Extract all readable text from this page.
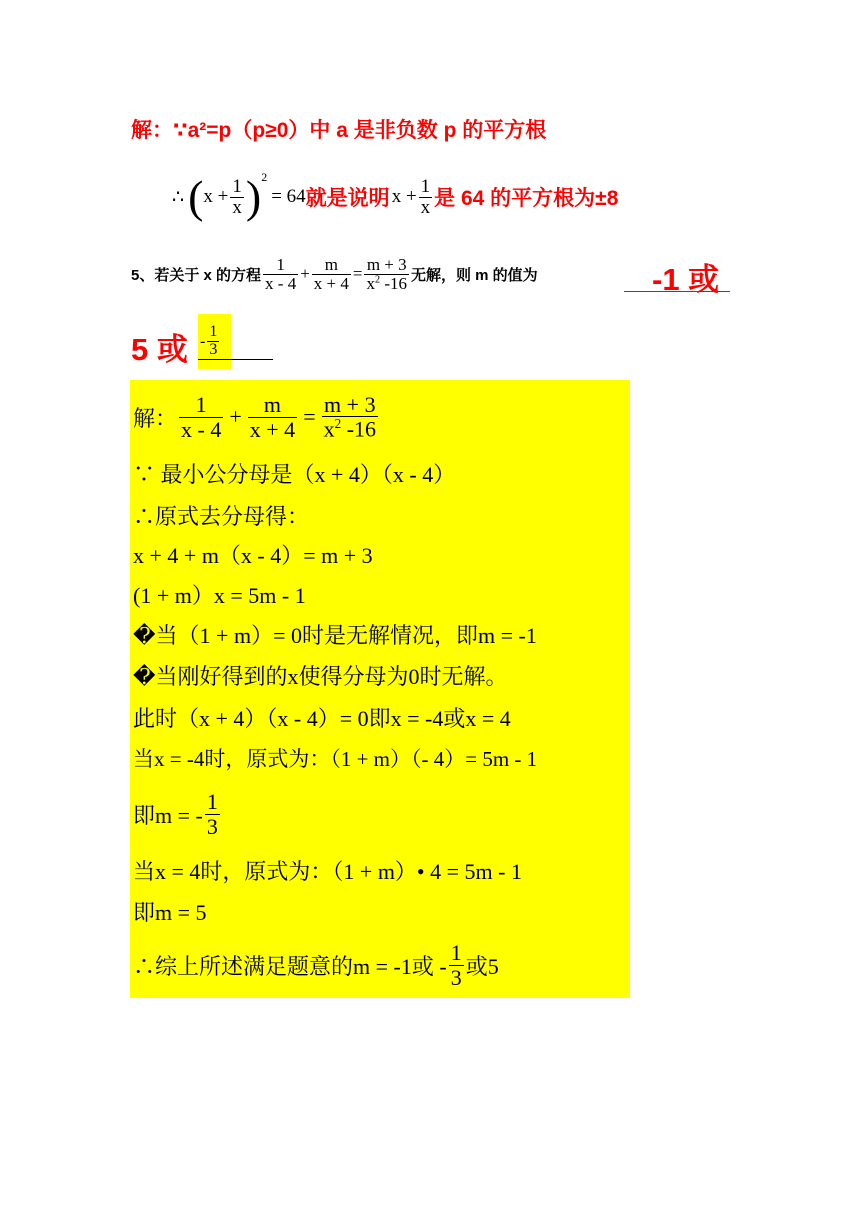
解：∵a²=p（p≥0）中 a 是非负数 p 的平方根
∴ ( $x + \frac{1}{x}$ ) 2
= 64 就是说明 $x + \frac{1}{x}$ 是 64 的平方根为±8
5、若关于 x 的方程 $\frac{1}{x - 4} + \frac{m}{x + 4} = \frac{m + 3}{x^2 -16}$ 无解，则 m 的值为	-1 或
5 或 - $\frac{1}{3}$
解： $\frac{1}{x - 4} + \frac{m}{x + 4} = \frac{m + 3}{x^2 -16}$
∵ 最小公分母是（x + 4）（x - 4）
∴原式去分母得：
x + 4 + m（x - 4）= m + 3
(1 + m）x = 5m - 1
�当（1 + m）= 0时是无解情况，即m = -1
�当刚好得到的x使得分母为0时无解。
此时（x + 4）（x - 4）= 0即x = -4或x = 4
当x = -4时，原式为：（1 + m）（- 4）= 5m - 1
即m = - $\frac{1}{3}$
当x = 4时，原式为：（1 + m）• 4 = 5m - 1
即m = 5
∴综上所述满足题意的m = -1或 - $\frac{1}{3}$ 或5
